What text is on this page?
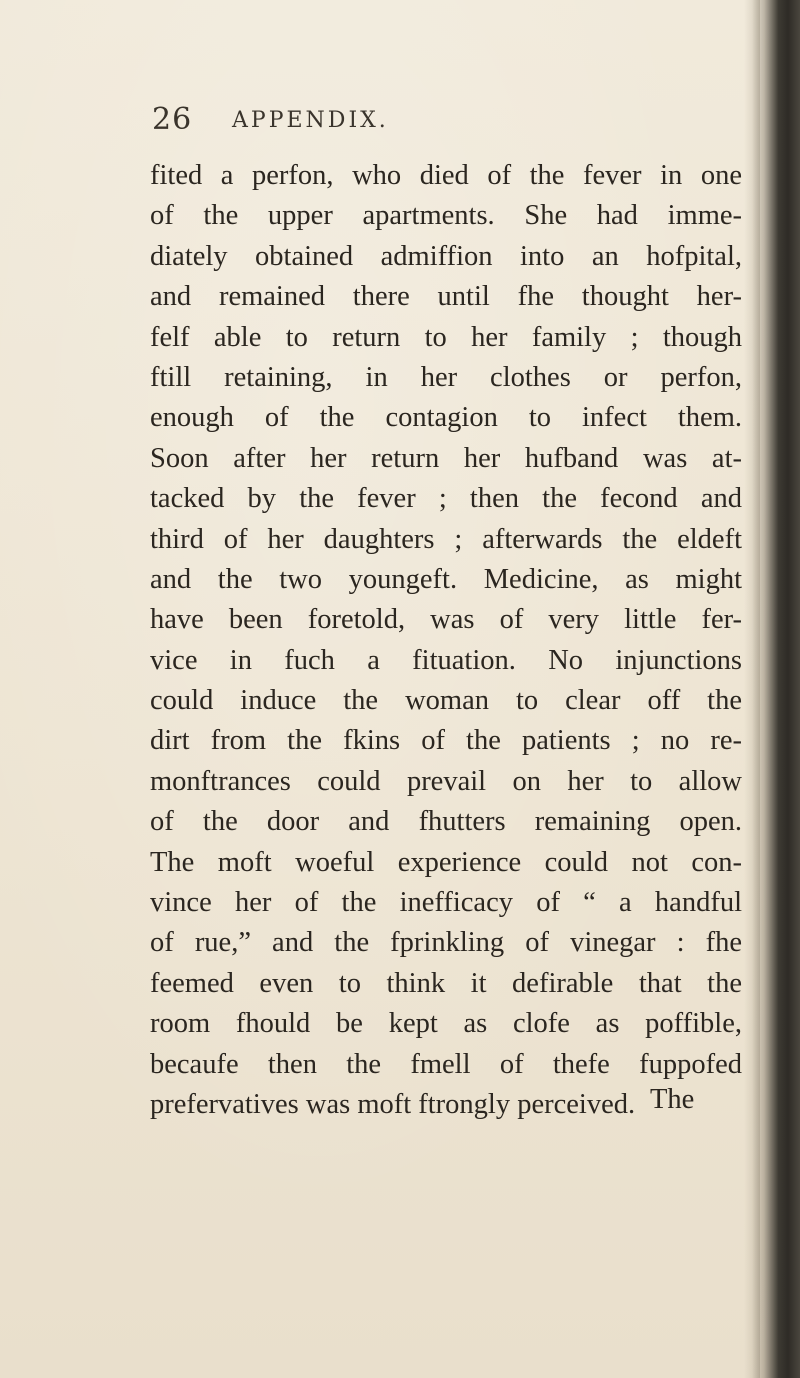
26 APPENDIX.
fited a perfon, who died of the fever in one
of the upper apartments. She had imme-
diately obtained admiffion into an hofpital,
and remained there until fhe thought her-
felf able to return to her family ; though
ftill retaining, in her clothes or perfon,
enough of the contagion to infect them.
Soon after her return her hufband was at-
tacked by the fever ; then the fecond and
third of her daughters ; afterwards the eldeft
and the two youngeft. Medicine, as might
have been foretold, was of very little fer-
vice in fuch a fituation. No injunctions
could induce the woman to clear off the
dirt from the fkins of the patients ; no re-
monftrances could prevail on her to allow
of the door and fhutters remaining open.
The moft woeful experience could not con-
vince her of the inefficacy of “ a handful
of rue,” and the fprinkling of vinegar : fhe
feemed even to think it defirable that the
room fhould be kept as clofe as poffible,
becaufe then the fmell of thefe fuppofed
prefervatives was moft ftrongly perceived. The
